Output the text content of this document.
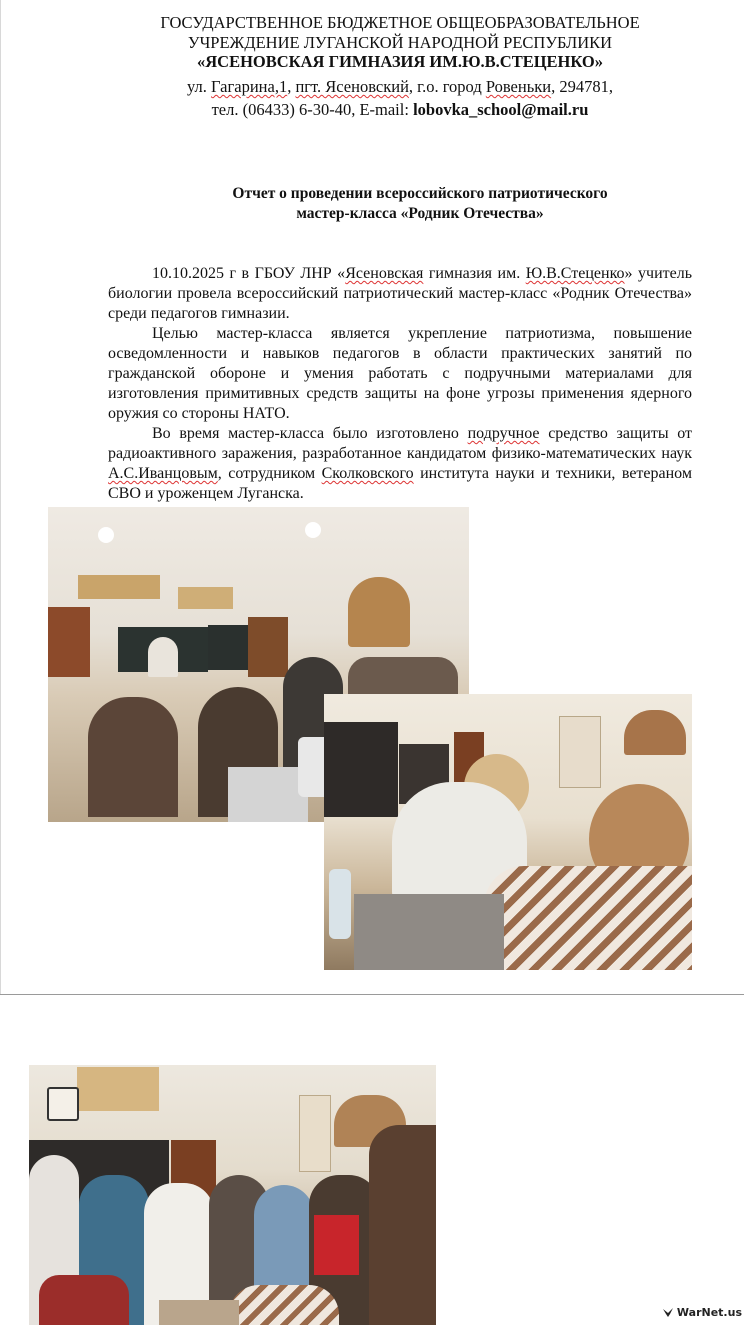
ГОСУДАРСТВЕННОЕ БЮДЖЕТНОЕ ОБЩЕОБРАЗОВАТЕЛЬНОЕ
УЧРЕЖДЕНИЕ ЛУГАНСКОЙ НАРОДНОЙ РЕСПУБЛИКИ
«ЯСЕНОВСКАЯ ГИМНАЗИЯ ИМ.Ю.В.СТЕЦЕНКО»
ул. Гагарина,1, пгт. Ясеновский, г.о. город Ровеньки, 294781,
тел. (06433) 6-30-40, E-mail: lobovka_school@mail.ru
Отчет о проведении всероссийского патриотического
мастер-класса «Родник Отечества»

10.10.2025 г в ГБОУ ЛНР «Ясеновская гимназия им. Ю.В.Стеценко» учитель биологии провела всероссийский патриотический мастер-класс «Родник Отечества» среди педагогов гимназии.

Целью мастер-класса является укрепление патриотизма, повышение осведомленности и навыков педагогов в области практических занятий по гражданской обороне и умения работать с подручными материалами для изготовления примитивных средств защиты на фоне угрозы применения ядерного оружия со стороны НАТО.

Во время мастер-класса было изготовлено подручное средство защиты от радиоактивного заражения, разработанное кандидатом физико-математических наук А.С.Иванцовым, сотрудником Сколковского института науки и техники, ветераном СВО и уроженцем Луганска.

WarNet.us
